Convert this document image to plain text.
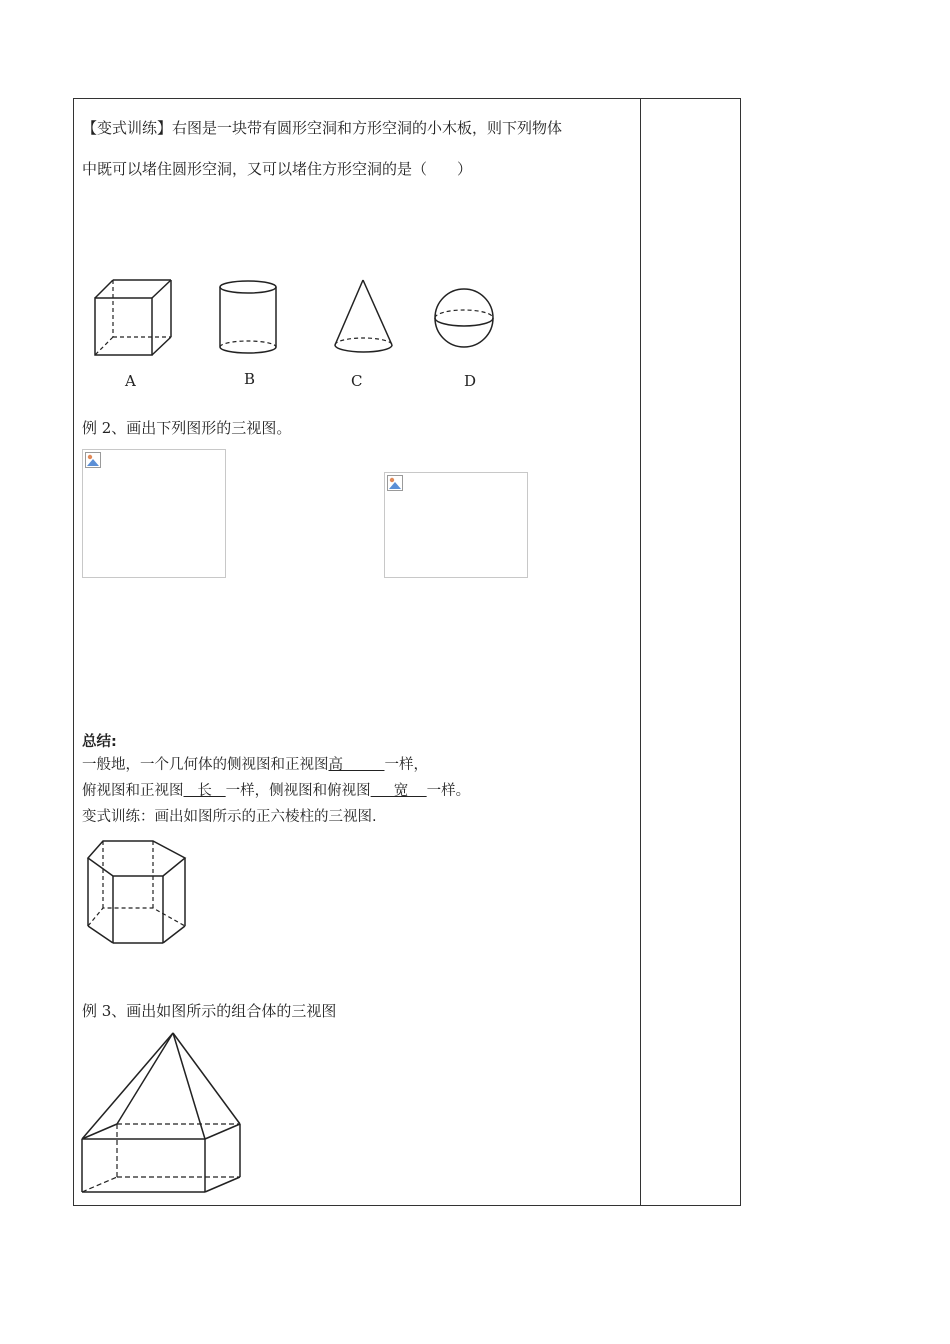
【变式训练】右图是一块带有圆形空洞和方形空洞的小木板，则下列物体
中既可以堵住圆形空洞，又可以堵住方形空洞的是（　　）
A	B	C	D
例 2、画出下列图形的三视图。
总结:
一般地，一个几何体的侧视图和正视图高         一样，
俯视图和正视图   长   一样，侧视图和俯视图     宽    一样。
变式训练：画出如图所示的正六棱柱的三视图.
例 3、画出如图所示的组合体的三视图
